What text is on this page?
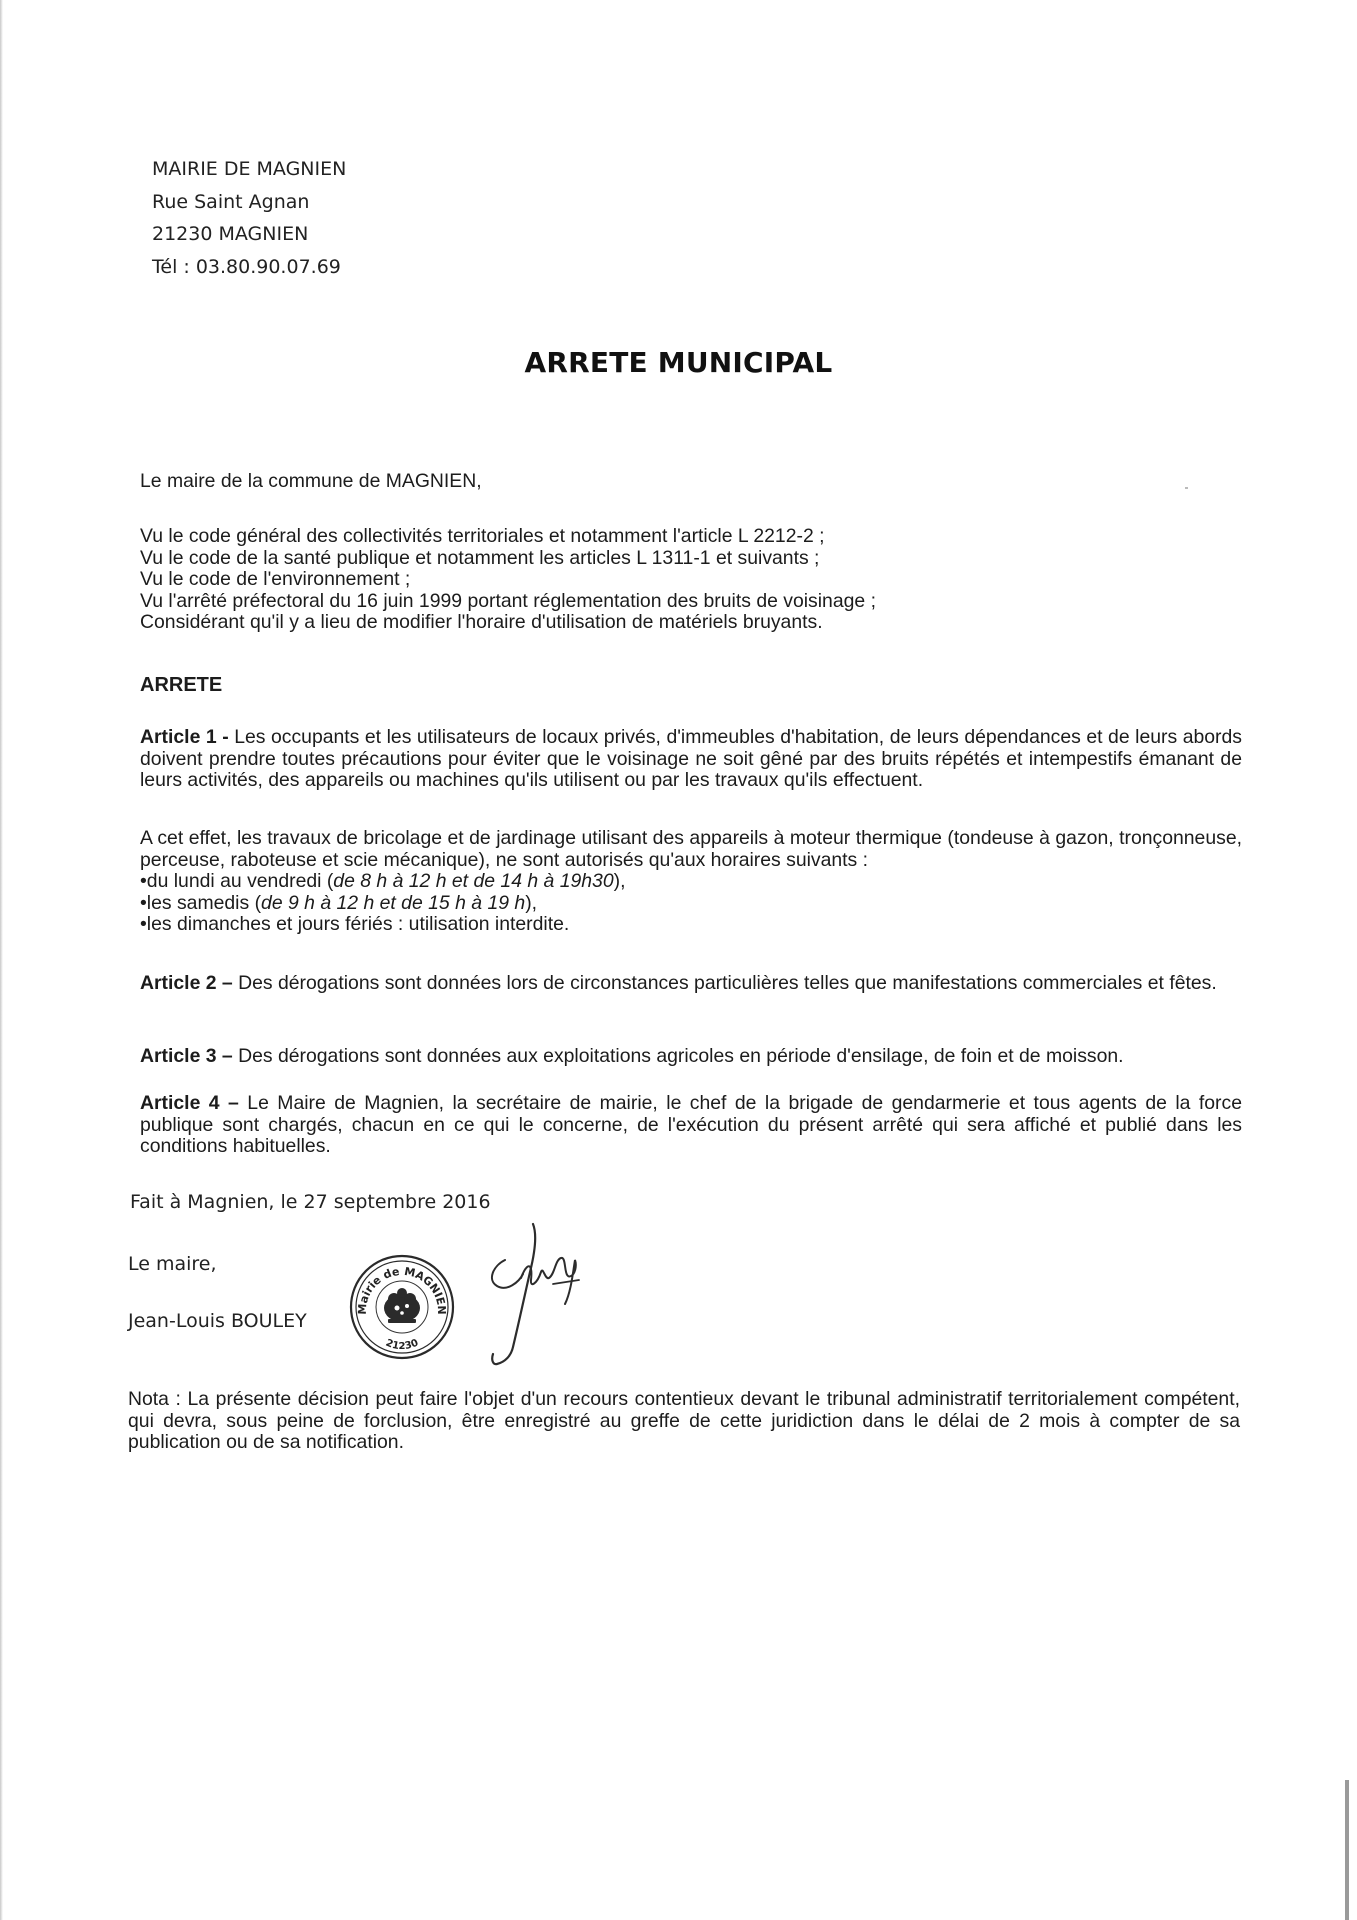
MAIRIE DE MAGNIEN
Rue Saint Agnan
21230 MAGNIEN
Tél : 03.80.90.07.69
ARRETE MUNICIPAL
Le maire de la commune de MAGNIEN,
Vu le code général des collectivités territoriales et notamment l'article L 2212-2 ;
Vu le code de la santé publique et notamment les articles L 1311-1 et suivants ;
Vu le code de l'environnement ;
Vu l'arrêté préfectoral du 16 juin 1999 portant réglementation des bruits de voisinage ;
Considérant qu'il y a lieu de modifier l'horaire d'utilisation de matériels bruyants.
ARRETE
Article 1 - Les occupants et les utilisateurs de locaux privés, d'immeubles d'habitation, de leurs dépendances et de leurs abords doivent prendre toutes précautions pour éviter que le voisinage ne soit gêné par des bruits répétés et intempestifs émanant de leurs activités, des appareils ou machines qu'ils utilisent ou par les travaux qu'ils effectuent.
A cet effet, les travaux de bricolage et de jardinage utilisant des appareils à moteur thermique (tondeuse à gazon, tronçonneuse, perceuse, raboteuse et scie mécanique), ne sont autorisés qu'aux horaires suivants :
• du lundi au vendredi (de 8 h à 12 h et de 14 h à 19h30),
• les samedis (de 9 h à 12 h et de 15 h à 19 h),
• les dimanches et jours fériés : utilisation interdite.
Article 2 – Des dérogations sont données lors de circonstances particulières telles que manifestations commerciales et fêtes.
Article 3 – Des dérogations sont données aux exploitations agricoles en période d'ensilage, de foin et de moisson.
Article 4 – Le Maire de Magnien, la secrétaire de mairie, le chef de la brigade de gendarmerie et tous agents de la force publique sont chargés, chacun en ce qui le concerne, de l'exécution du présent arrêté qui sera affiché et publié dans les conditions habituelles.
Fait à Magnien, le 27 septembre 2016
Le maire,
Jean-Louis BOULEY
Mairie de MAGNIEN
21230
Nota : La présente décision peut faire l'objet d'un recours contentieux devant le tribunal administratif territorialement compétent, qui devra, sous peine de forclusion, être enregistré au greffe de cette juridiction dans le délai de 2 mois à compter de sa publication ou de sa notification.
